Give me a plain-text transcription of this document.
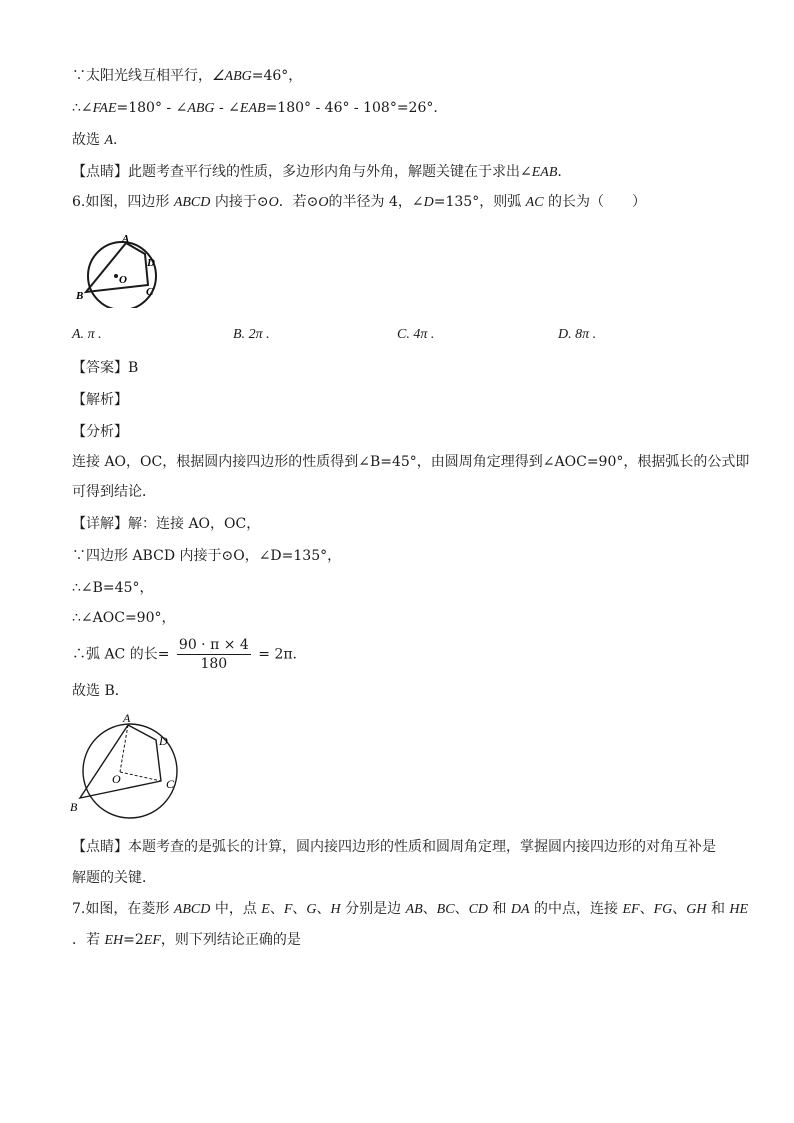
∵太阳光线互相平行，∠ABG=46°，
∴∠FAE=180° - ∠ABG - ∠EAB=180° - 46° - 108°=26°.
故选 A.
【点睛】此题考查平行线的性质，多边形内角与外角，解题关键在于求出∠EAB.
6.如图，四边形 ABCD 内接于⊙O．若⊙O的半径为 4，∠D=135°，则弧 AC 的长为（　　）
A
D
C
B
O
A. π .	B. 2π .	C. 4π .	D. 8π .
【答案】B
【解析】
【分析】
连接 AO，OC，根据圆内接四边形的性质得到∠B=45°，由圆周角定理得到∠AOC=90°，根据弧长的公式即
可得到结论．
【详解】解：连接 AO，OC，
∵四边形 ABCD 内接于⊙O，∠D=135°，
∴∠B=45°，
∴∠AOC=90°，
∴弧 AC 的长= $\frac{90 \cdot \pi \times 4}{180} = 2\pi$.
故选 B．
A
D
C
B
O
【点睛】本题考查的是弧长的计算，圆内接四边形的性质和圆周角定理，掌握圆内接四边形的对角互补是
解题的关键．
7.如图，在菱形 ABCD 中，点 E、F、G、H 分别是边 AB、BC、CD 和 DA 的中点，连接 EF、FG、GH 和 HE
．若 EH=2EF，则下列结论正确的是
